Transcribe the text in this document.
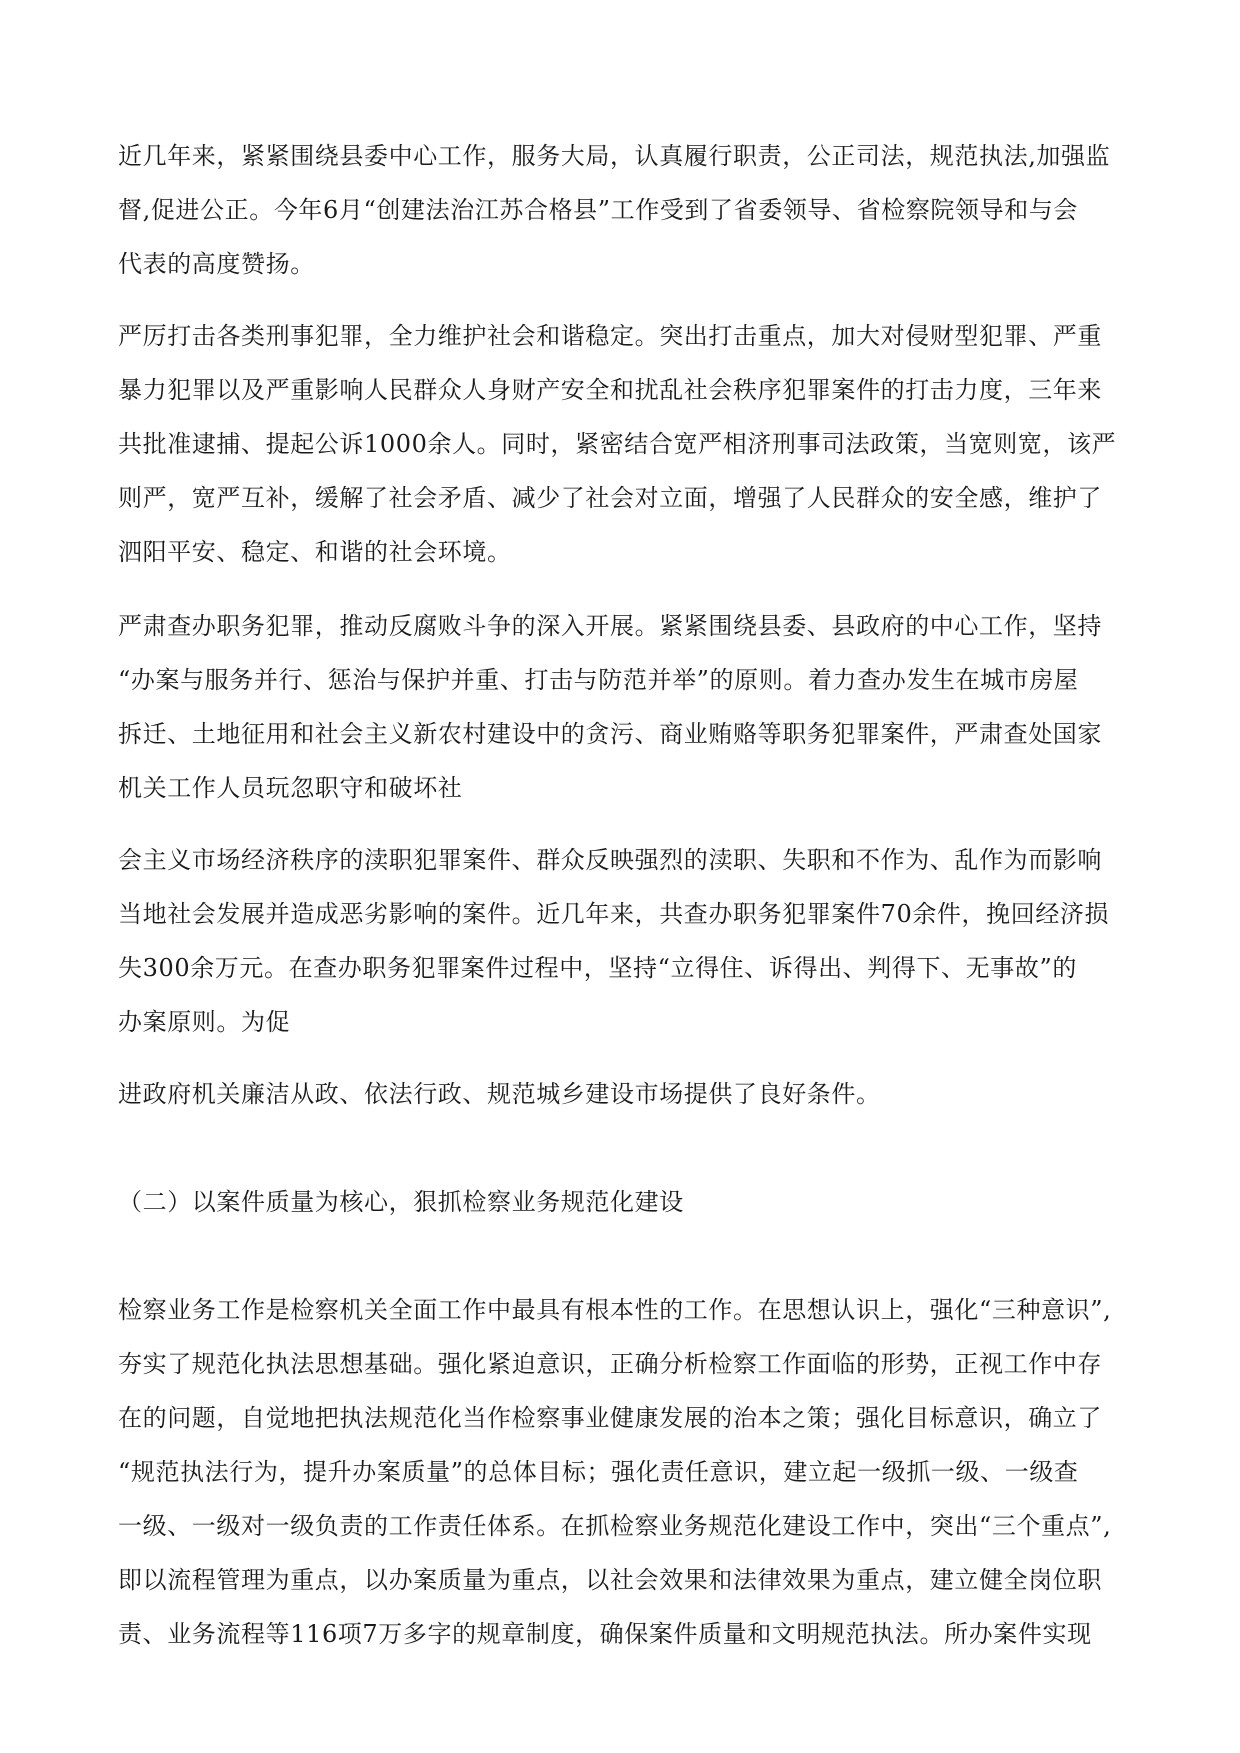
近几年来，紧紧围绕县委中心工作，服务大局，认真履行职责，公正司法，规范执法,加强监
督,促进公正。今年6月“创建法治江苏合格县”工作受到了省委领导、省检察院领导和与会
代表的高度赞扬。
严厉打击各类刑事犯罪，全力维护社会和谐稳定。突出打击重点，加大对侵财型犯罪、严重
暴力犯罪以及严重影响人民群众人身财产安全和扰乱社会秩序犯罪案件的打击力度，三年来
共批准逮捕、提起公诉1000余人。同时，紧密结合宽严相济刑事司法政策，当宽则宽，该严
则严，宽严互补，缓解了社会矛盾、减少了社会对立面，增强了人民群众的安全感，维护了
泗阳平安、稳定、和谐的社会环境。
严肃查办职务犯罪，推动反腐败斗争的深入开展。紧紧围绕县委、县政府的中心工作，坚持
“办案与服务并行、惩治与保护并重、打击与防范并举”的原则。着力查办发生在城市房屋
拆迁、土地征用和社会主义新农村建设中的贪污、商业贿赂等职务犯罪案件，严肃查处国家
机关工作人员玩忽职守和破坏社
会主义市场经济秩序的渎职犯罪案件、群众反映强烈的渎职、失职和不作为、乱作为而影响
当地社会发展并造成恶劣影响的案件。近几年来，共查办职务犯罪案件70余件，挽回经济损
失300余万元。在查办职务犯罪案件过程中，坚持“立得住、诉得出、判得下、无事故”的
办案原则。为促
进政府机关廉洁从政、依法行政、规范城乡建设市场提供了良好条件。
（二）以案件质量为核心，狠抓检察业务规范化建设
检察业务工作是检察机关全面工作中最具有根本性的工作。在思想认识上，强化“三种意识”,
夯实了规范化执法思想基础。强化紧迫意识，正确分析检察工作面临的形势，正视工作中存
在的问题，自觉地把执法规范化当作检察事业健康发展的治本之策；强化目标意识，确立了
“规范执法行为，提升办案质量”的总体目标；强化责任意识，建立起一级抓一级、一级查
一级、一级对一级负责的工作责任体系。在抓检察业务规范化建设工作中，突出“三个重点”,
即以流程管理为重点，以办案质量为重点，以社会效果和法律效果为重点，建立健全岗位职
责、业务流程等116项7万多字的规章制度，确保案件质量和文明规范执法。所办案件实现
